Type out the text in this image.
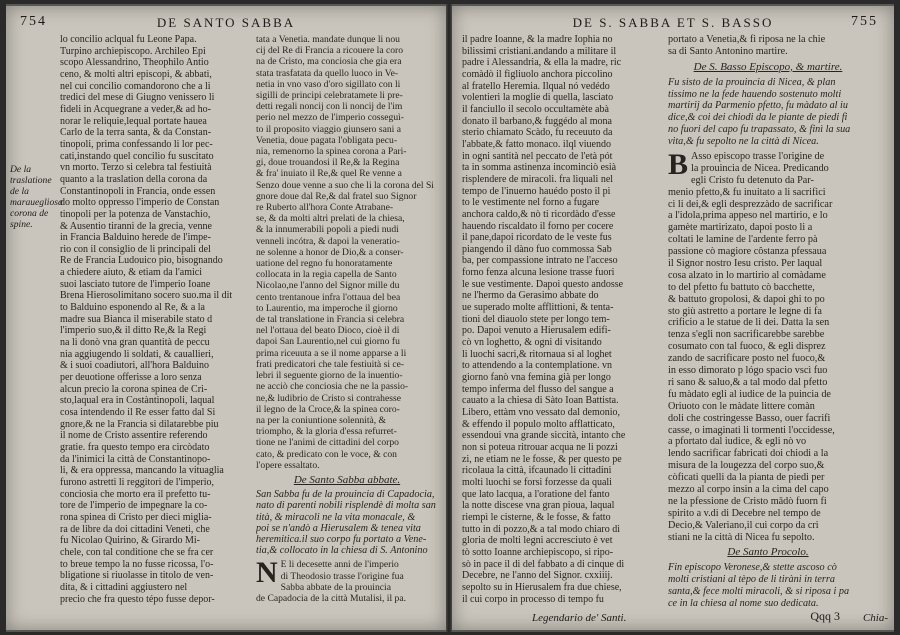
754	DE SANTO SABBA
De la traslatione de la marauegliosa corona de spine.
lo concilio aclqual fu Leone Papa.
Turpino archiepiscopo. Archileo Epi
scopo Alessandrino, Theophilo Antio
ceno, & molti altri episcopi, & abbati,
nel cui concilio comandorono che a li
tredici del mese di Giugno venissero li
fideli in Acquegrane a veder,& ad ho-
norar le reliquie,lequal portate hauea
Carlo de la terra santa, & da Constan-
tinopoli, prima confessando li lor pec-
cati,instando quel concilio fu suscitato
vn morto. Terzo si celebra tal festiuità
quanto a la traslation della corona da
Constantinopoli in Francia, onde essen
do molto oppresso l'imperio de Constan
tinopoli per la potenza de Vanstachio,
& Ausentio tiranni de la grecia, venne
in Francia Balduino herede de l'impe-
rio con il consiglio de li principali del
Re de Francia Ludouico pio, bisognando
a chiedere aiuto, & etiam da l'amici
suoi lasciato tutore de l'imperio Ioane
Brena Hierosolimitano socero suo.ma il dit
to Balduino esponendo al Re, & a la
madre sua Bianca il miserabile stato d
l'imperio suo,& il ditto Re,& la Regi
na li donò vna gran quantità de peccu
nia aggiugendo li soldati, & cauallieri,
& i suoi coadiutori, all'hora Balduino
per deuotione offerisse a loro senza
alcun precio la corona spinea de Cri-
sto,laqual era in Costàntinopoli, laqual
cosa intendendo il Re esser fatto dal Si
gnore,& ne la Francia si dilatarebbe piu
il nome de Cristo assentire referendo
gratie. fra questo tempo era circòdato
da l'inimici la città de Constantinopo-
li, & era oppressa, mancando la vituaglia
furono astretti li reggitori de l'imperio,
conciosia che morto era il prefetto tu-
tore de l'imperio de impegnare la co-
rona spinea di Cristo per dieci miglia-
ra de libre da doi cittadini Veneti, che
fu Nicolao Quirino, & Girardo Mi-
chele, con tal conditione che se fra cer
to breue tempo la no fusse ricossa, l'o-
bligatione si riuolasse in titolo de ven-
dita, & i cittadini aggiustero nel
precio che fra questo tépo fusse depor-
tata a Venetia. mandate dunque li nou
cij del Re di Francia a ricouere la coro
na de Cristo, ma conciosia che gia era
stata trasfatata da quello luoco in Ve-
netia in vno vaso d'oro sigillato con li
sigilli de principi celebratamete li pre-
detti regali noncij con li noncij de l'im
perio nel mezzo de l'imperio cosseguì-
to il proposito viaggio giunsero sani a
Venetia, doue pagata l'obligata pecu-
nia, remenorno la spinea corona a Pari-
gi, doue trouandosi il Re,& la Regina
& fra' inuiato il Re,& quel Re venne a
Senzo doue venne a suo che li la corona del Si
gnore doue dal Re,& dal fratel suo Signor
re Ruberto all'hora Conte Atrabane-
se, & da molti altri prelati de la chiesa,
& la innumerabili popoli a piedi nudi
venneli incótra, & dapoi la veneratio-
ne solenne a honor de Dio,& a conser-
uatione del regno fu honoratamente
collocata in la regia capella de Santo
Nicolao,ne l'anno del Signor mille du
cento trentanoue infra l'ottaua del bea
to Laurentio, ma imperoche il giorno
de tal translatione in Francia si celebra
nel l'ottaua del beato Dioco, cioè il di
dapoi San Laurentio,nel cui giorno fu
prima riceuuta a se il nome apparse a li
frati predicatori che tale festiuità si ce-
lebri il seguente giorno de la inuentio-
ne acciò che conciosia che ne la passio-
ne,& ludibrio de Cristo si contrahesse
il legno de la Croce,& la spinea coro-
na per la coniuntione solennità, &
triompho, & la gloria d'essa refurret-
tione ne l'animi de cittadini del corpo
cato, & predicato con le voce, & con
l'opere essaltato.
De Santo Sabba abbate.
San Sabba fu de la prouincia di Capadocia,
nato di parenti nobili risplendè di molta san
tità, & miracoli ne la vita monacale, &
poi se n'andò a Hierusalem & tenea vita
heremitica.il suo corpo fu portato a Vene-
tia,& collocato in la chiesa di S. Antonino
N E li decesette anni de l'imperio
di Theodosio trasse l'origine fua
Sabba abbate de la prouincia
de Capadocia de la città Mutalisi, il pa.
DE S. SABBA ET S. BASSO	755
il padre Ioanne, & la madre Iophia no
bilissimi cristiani.andando a militare il
padre i Alessandria, & ella la madre, ric
comàdò il figliuolo anchora piccolino
al fratello Heremia. Ilqual nó vedédo
volentieri la moglie di quella, lasciato
il fanciullo il secolo occultamète abà
donato il barbano,& fuggédo al mona
sterio chiamato Scàdo, fu receuuto da
l'abbate,& fatto monaco. ilql viuendo
in ogni santità nel peccato de l'età pót
ta in somma astinenza incominciò esià
risplendere de miracoli. fra liquali nel
tempo de l'inuerno hauédo posto il pi
to le vestimente nel forno a fugare
anchora caldo,& nò ti ricordàdo d'esse
hauendo riscaldato il forno per cocere
il pane,dapoi ricordato de le veste fus
piangendo il dàno fuo commossa Sab
ba, per compassione intrato ne l'acceso
forno fenza alcuna lesione trasse fuori
le sue vestimente. Dapoi questo andosse
ne l'hermo da Gerasimo abbate do
ue superado molte afflittioni, & tenta-
tioni del diauolo stete per longo tem-
po. Dapoi venuto a Hierusalem edifi-
cò vn loghetto, & ogni di visitando
li luochi sacri,& ritornaua si al loghet
to attendendo a la contemplatione. vn
giorno fanò vna femina già per longo
tempo inferma del flusso del sangue a
cauato a la chiesa di Sàto Ioan Battista.
Libero, ettàm vno vessato dal demonio,
& effendo il populo molto afflatticato,
essendoui vna grande siccità, intanto che
non si poteua ritrouar acqua ne li pozzi
zi, ne etiam ne le fosse, & per questo pe
ricolaua la città, ifcaunado li cittadini
molti luochi se forsi forzesse da quali
que lato lacqua, a l'oratione del fanto
la notte discese vna gran pioua, laqual
riempì le cisterne, & le fosse, & fatto
tutto in di pozzo,& a tal modo chiaro di
gloria de molti legni accresciuto è vet
tò sotto Ioanne archiepiscopo, si ripo-
sò in pace il di del fabbato a di cinque di
Decebre, ne l'anno del Signor. cxxiiij.
sepolto su in Hierusalem fra due chiese,
il cui corpo in processo di tempo fu
portato a Venetia,& fi riposa ne la chie
sa di Santo Antonino martire.
De S. Basso Episcopo, & martire.
Fu sisto de la prouincia di Nicea, & plan
tissimo ne la fede hauendo sostenuto molti
martirij da Parmenio pfetto, fu màdato al iu
dice,& coi dei chiodi da le piante de piedi fi
no fuori del capo fu trapassato, & finì la sua
vita,& fu sepolto ne la città di Nicea.
B Asso episcopo trasse l'origine de
la prouincia de Nicea. Predicando
egli Cristo fu detenuto da Par-
menio pfetto,& fu inuitato a li sacrifici
ci li dei,& egli desprezzàdo de sacrificar
a l'idola,prima appeso nel martirio, e lo
gamète martirizato, dapoi posto li a
coltati le lamine de l'ardente ferro pà
passione cò magiore côstanza pfessaua
il Signor nostro Iesu cristo. Per laqual
cosa alzato in lo martirio al comàdame
to del pfetto fu battuto cò bacchette,
& battuto gropolosi, & dapoi ghi to po
sto giù astretto a portare le legne di fa
crificio a le statue de li dei. Datta la sen
tenza s'egli non sacrificarebbe sarebbe
cosumato con tal fuoco, & egli disprez
zando de sacrificare posto nel fuoco,&
in esso dimorato p lógo spacio vscì fuo
ri sano & saluo,& a tal modo dal pfetto
fu màdato egli al iudice de la puincia de
Oriuoto con le màdate littere comàn
doli che costringesse Basso, ouer facrifi
casse, o imaginati li tormenti l'occidesse,
a pfortato dal iudice, & egli nò vo
lendo sacrificar fabricati doi chiodi a la
misura de la lougezza del corpo suo,&
còficati quelli da la pianta de piedi per
mezzo al corpo insin a la cima del capo
ne la pfessione de Cristo mādò fuorn fi
spirito a v.di di Decebre nel tempo de
Decio,& Valeriano,il cui corpo da cri
stiani ne la città di Nicea fu sepolto.
De Santo Procolo.
Fin episcopo Veronese,& stette ascoso cò
molti cristiani al tèpo de li tiràni in terra
santa,& fece molti miracoli, & si riposa i pa
ce in la chiesa al nome suo dedicata.
Legendario de' Santi.	Qqq 3 Chia-
